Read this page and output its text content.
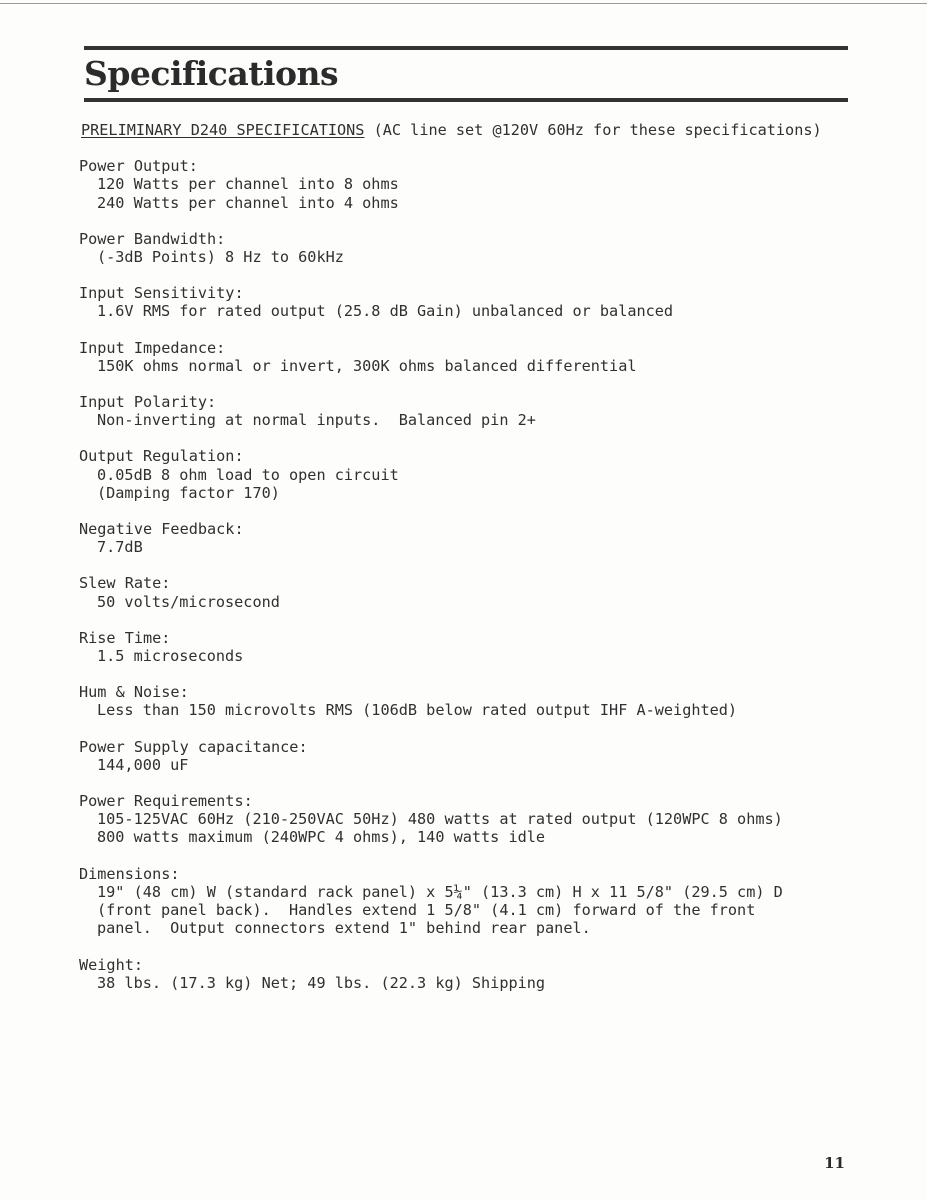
Specifications
PRELIMINARY D240 SPECIFICATIONS (AC line set @120V 60Hz for these specifications)
Power Output:
120 Watts per channel into 8 ohms
240 Watts per channel into 4 ohms
Power Bandwidth:
(-3dB Points) 8 Hz to 60kHz
Input Sensitivity:
1.6V RMS for rated output (25.8 dB Gain) unbalanced or balanced
Input Impedance:
150K ohms normal or invert, 300K ohms balanced differential
Input Polarity:
Non-inverting at normal inputs.  Balanced pin 2+
Output Regulation:
0.05dB 8 ohm load to open circuit
(Damping factor 170)
Negative Feedback:
7.7dB
Slew Rate:
50 volts/microsecond
Rise Time:
1.5 microseconds
Hum & Noise:
Less than 150 microvolts RMS (106dB below rated output IHF A-weighted)
Power Supply capacitance:
144,000 uF
Power Requirements:
105-125VAC 60Hz (210-250VAC 50Hz) 480 watts at rated output (120WPC 8 ohms)
800 watts maximum (240WPC 4 ohms), 140 watts idle
Dimensions:
19" (48 cm) W (standard rack panel) x 5¼" (13.3 cm) H x 11 5/8" (29.5 cm) D
(front panel back).  Handles extend 1 5/8" (4.1 cm) forward of the front
panel.  Output connectors extend 1" behind rear panel.
Weight:
38 lbs. (17.3 kg) Net; 49 lbs. (22.3 kg) Shipping
11
